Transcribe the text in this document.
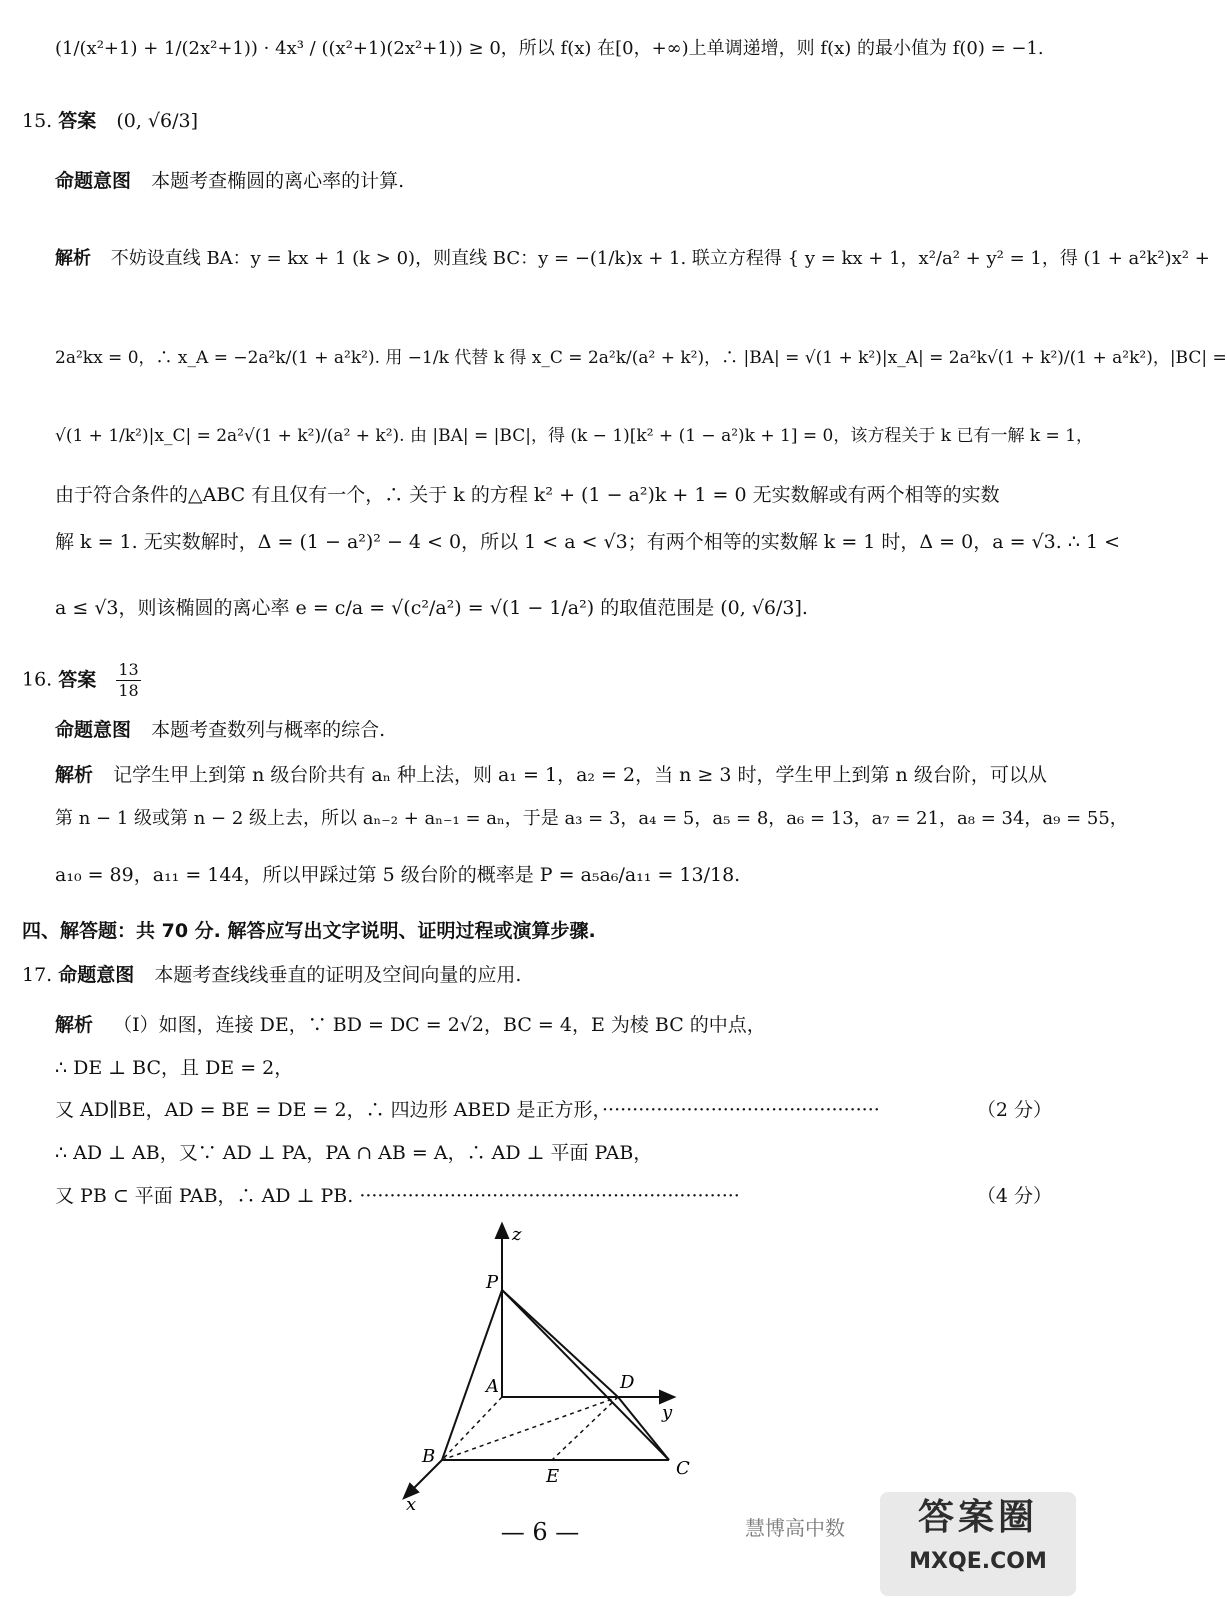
(1/(x²+1) + 1/(2x²+1)) · 4x³ / ((x²+1)(2x²+1)) ≥ 0，所以 f(x) 在[0，+∞)上单调递增，则 f(x) 的最小值为 f(0) = −1.
15. 答案 (0, √6/3]
命题意图 本题考查椭圆的离心率的计算.
解析 不妨设直线 BA：y = kx + 1 (k > 0)，则直线 BC：y = −(1/k)x + 1. 联立方程得 { y = kx + 1，x²/a² + y² = 1，得 (1 + a²k²)x² +
2a²kx = 0，∴ x_A = −2a²k/(1 + a²k²). 用 −1/k 代替 k 得 x_C = 2a²k/(a² + k²)，∴ |BA| = √(1 + k²)|x_A| = 2a²k√(1 + k²)/(1 + a²k²)，|BC| =
√(1 + 1/k²)|x_C| = 2a²√(1 + k²)/(a² + k²). 由 |BA| = |BC|，得 (k − 1)[k² + (1 − a²)k + 1] = 0，该方程关于 k 已有一解 k = 1，
由于符合条件的△ABC 有且仅有一个，∴ 关于 k 的方程 k² + (1 − a²)k + 1 = 0 无实数解或有两个相等的实数
解 k = 1. 无实数解时，Δ = (1 − a²)² − 4 < 0，所以 1 < a < √3；有两个相等的实数解 k = 1 时，Δ = 0，a = √3. ∴ 1 <
a ≤ √3，则该椭圆的离心率 e = c/a = √(c²/a²) = √(1 − 1/a²) 的取值范围是 (0, √6/3].
16. 答案 $\frac{13}{18}$
命题意图 本题考查数列与概率的综合.
解析 记学生甲上到第 n 级台阶共有 aₙ 种上法，则 a₁ = 1，a₂ = 2，当 n ≥ 3 时，学生甲上到第 n 级台阶，可以从
第 n − 1 级或第 n − 2 级上去，所以 aₙ₋₂ + aₙ₋₁ = aₙ，于是 a₃ = 3，a₄ = 5，a₅ = 8，a₆ = 13，a₇ = 21，a₈ = 34，a₉ = 55，
a₁₀ = 89，a₁₁ = 144，所以甲踩过第 5 级台阶的概率是 P = a₅a₆/a₁₁ = 13/18.
四、解答题：共 70 分. 解答应写出文字说明、证明过程或演算步骤.
17. 命题意图 本题考查线线垂直的证明及空间向量的应用.
解析 （Ⅰ）如图，连接 DE，∵ BD = DC = 2√2，BC = 4，E 为棱 BC 的中点，
∴ DE ⊥ BC，且 DE = 2，
又 AD∥BE，AD = BE = DE = 2，∴ 四边形 ABED 是正方形，··············································	（2 分）
∴ AD ⊥ AB，又∵ AD ⊥ PA，PA ∩ AB = A，∴ AD ⊥ 平面 PAB，
又 PB ⊂ 平面 PAB，∴ AD ⊥ PB. ·······························································	（4 分）
z
P
A	D
y
B
E	C
x
— 6 —	慧博高中数	答案圈
MXQE.COM
